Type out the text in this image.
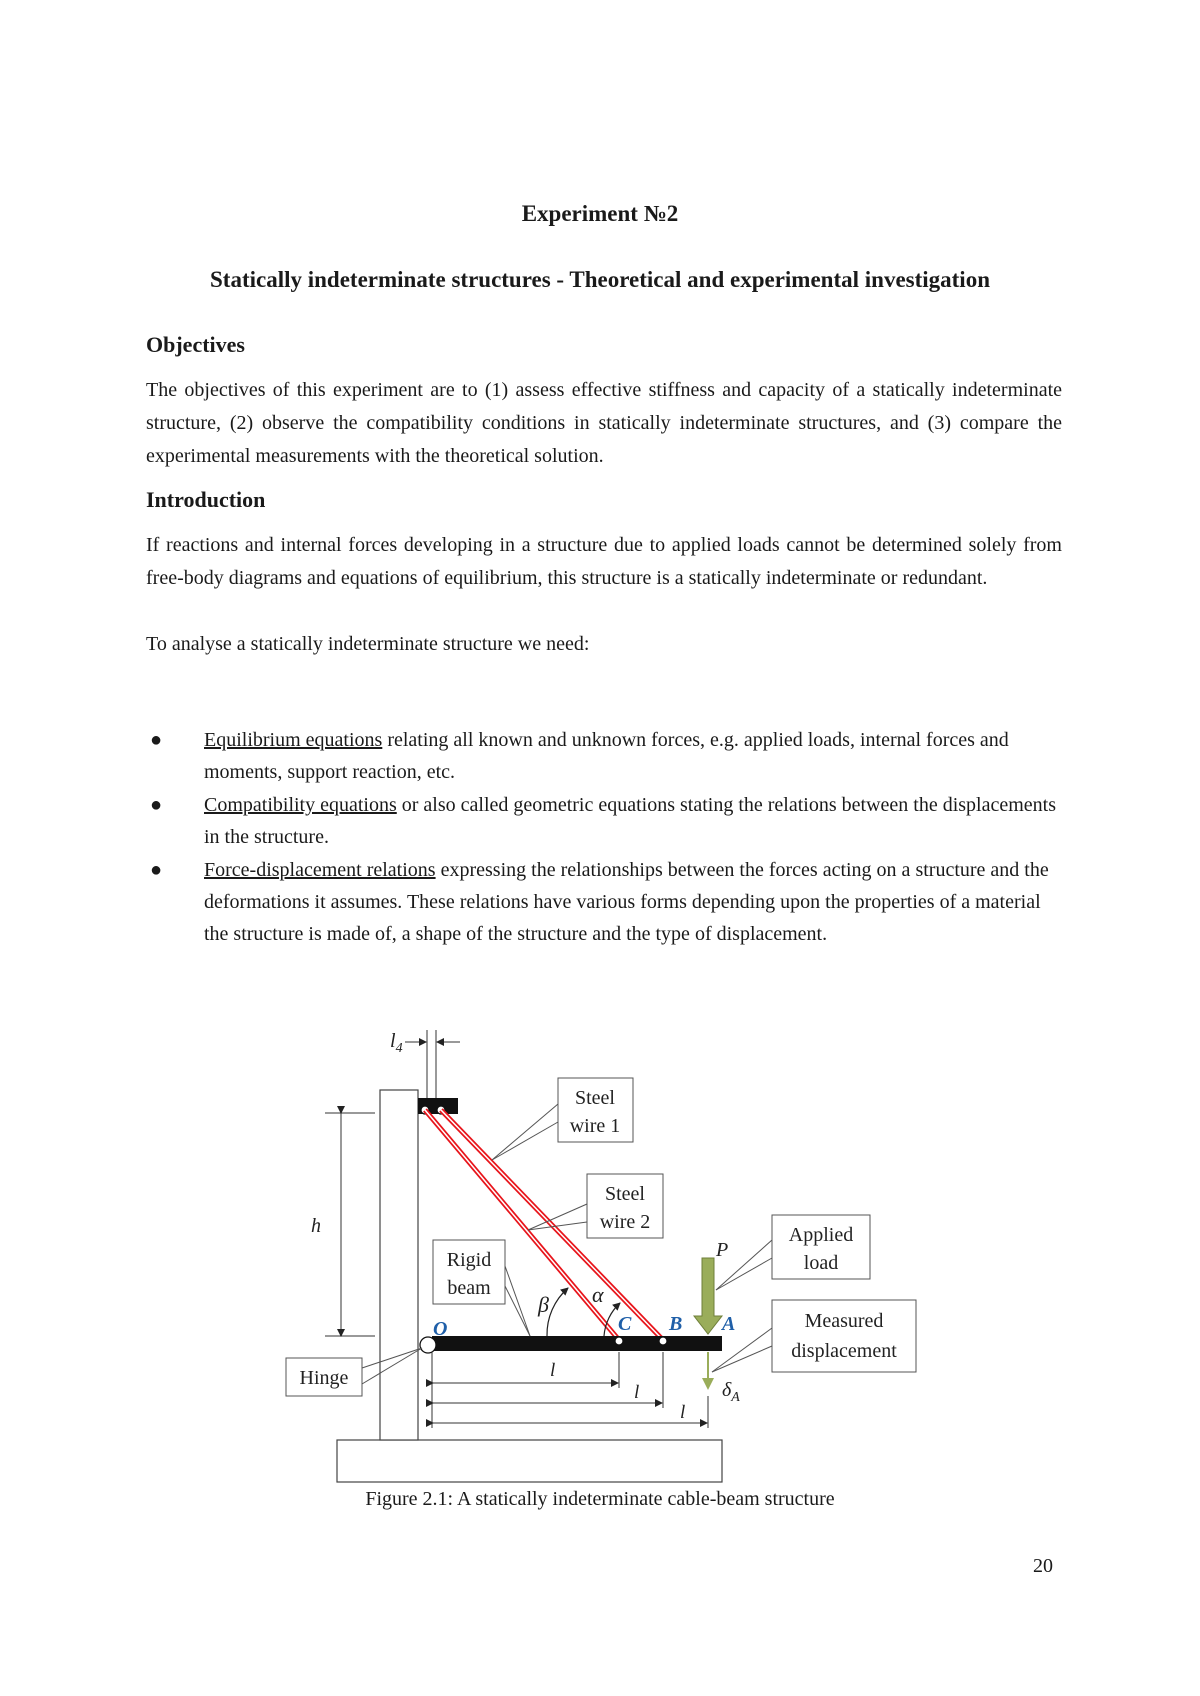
Experiment №2
Statically indeterminate structures - Theoretical and experimental investigation
Objectives

The objectives of this experiment are to (1) assess effective stiffness and capacity of a statically indeterminate structure, (2) observe the compatibility conditions in statically indeterminate structures, and (3) compare the experimental measurements with the theoretical solution.

Introduction

If reactions and internal forces developing in a structure due to applied loads cannot be determined solely from free-body diagrams and equations of equilibrium, this structure is a statically indeterminate or redundant.

To analyse a statically indeterminate structure we need:

● Equilibrium equations relating all known and unknown forces, e.g. applied loads, internal forces and moments, support reaction, etc.
● Compatibility equations or also called geometric equations stating the relations between the displacements in the structure.
● Force-displacement relations expressing the relationships between the forces acting on a structure and the deformations it assumes. These relations have various forms depending upon the properties of a material the structure is made of, a shape of the structure and the type of displacement.
h
$l_4$
β α
O	C B A
P
$\delta_A$
l
l
l
Steel
wire 1
Steel
wire 2
Rigid
beam
Applied
load
Measured
displacement
Hinge
Figure 2.1: A statically indeterminate cable-beam structure
20
